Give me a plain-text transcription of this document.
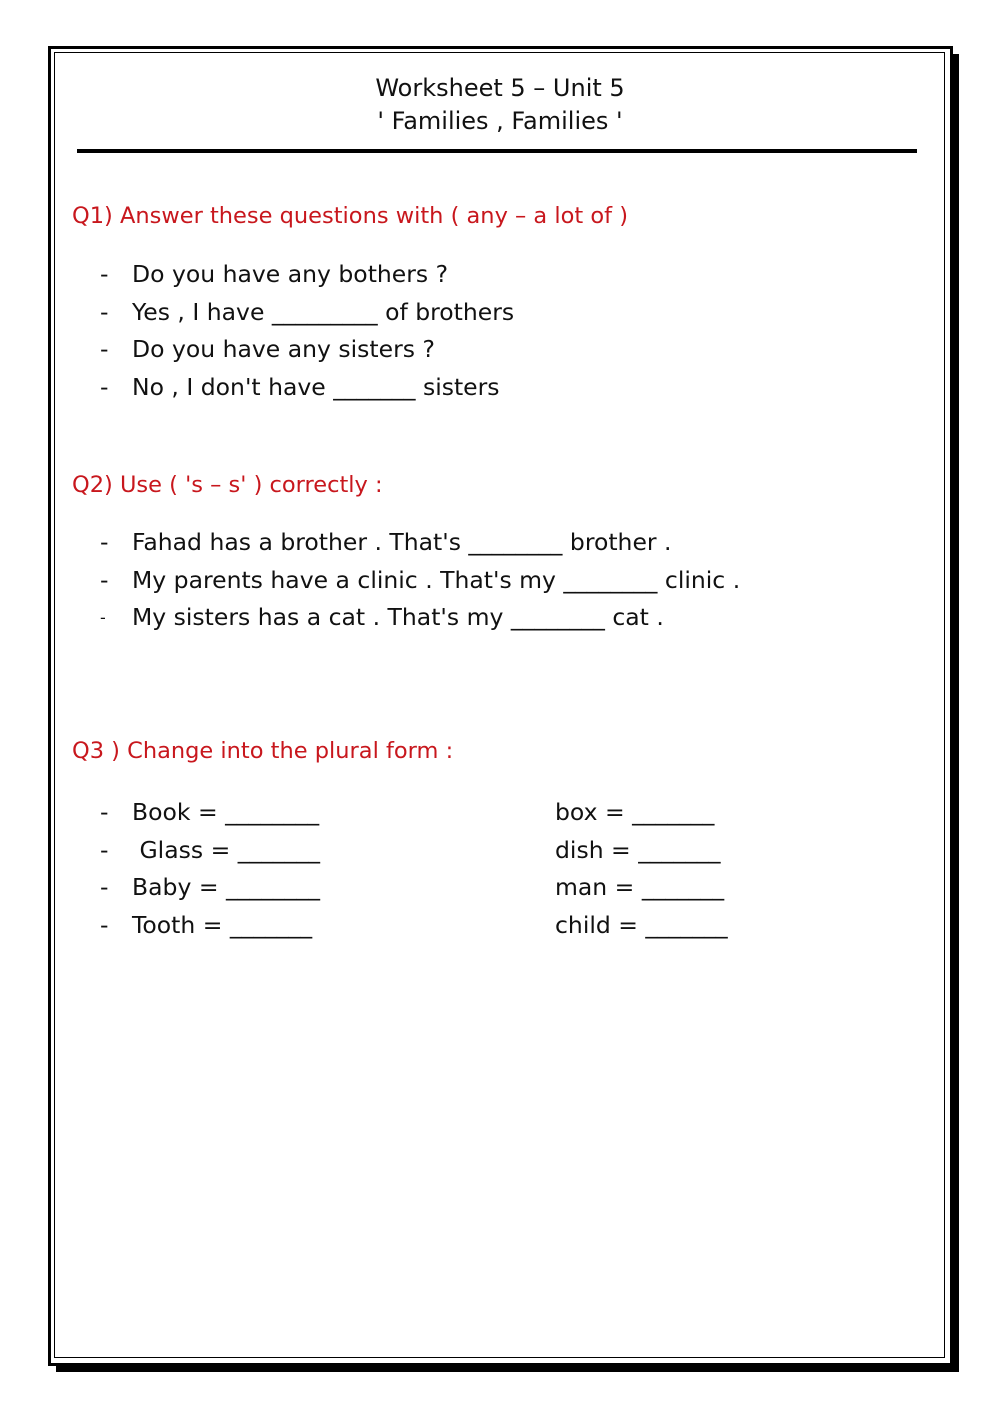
Worksheet 5 – Unit 5
' Families , Families '
Q1) Answer these questions with ( any – a lot of )
- Do you have any bothers ?
- Yes , I have _________ of brothers
- Do you have any sisters ?
- No , I don't have _______ sisters
Q2) Use ( 's – s' ) correctly :
- Fahad has a brother . That's ________ brother .
- My parents have a clinic . That's my ________ clinic .
- My sisters has a cat . That's my ________ cat .
Q3 ) Change into the plural form :
- Book = ________
- Glass = _______
- Baby = ________
- Tooth = _______
box = _______
dish = _______
man = _______
child = _______
